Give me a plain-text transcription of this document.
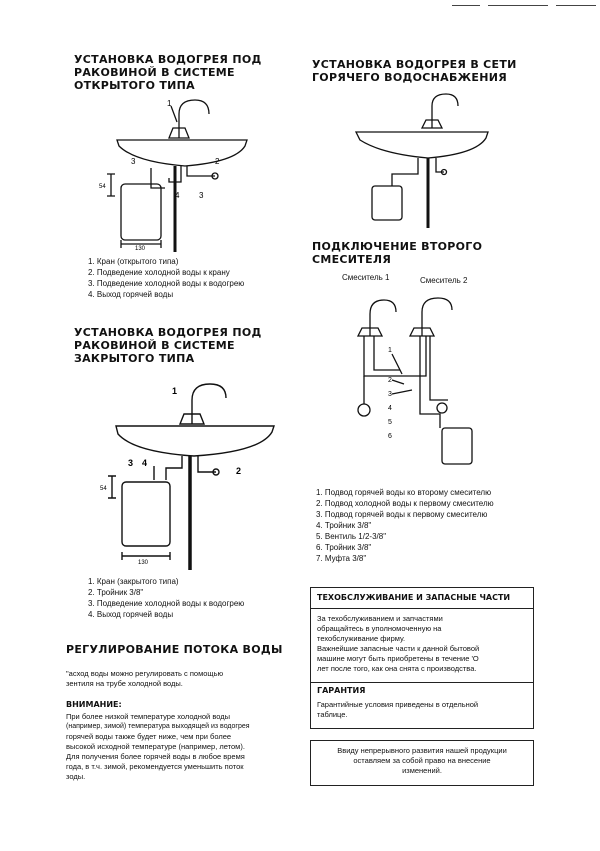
УСТАНОВКА ВОДОГРЕЯ ПОД
РАКОВИНОЙ В СИСТЕМЕ
ОТКРЫТОГО ТИПА
1
2
3
4 3
54
130
1. Кран (открытого типа)
2. Подведение холодной воды к крану
3. Подведение холодной воды к водогрею
4. Выход горячей воды
УСТАНОВКА ВОДОГРЕЯ В СЕТИ
ГОРЯЧЕГО ВОДОСНАБЖЕНИЯ
ПОДКЛЮЧЕНИЕ ВТОРОГО
СМЕСИТЕЛЯ
Смеситель 1	Смеситель 2
1
2
3
4
5
6
1. Подвод горячей воды ко второму смесителю
2. Подвод холодной воды к первому смесителю
3. Подвод горячей воды к первому смесителю
4. Тройник 3/8"
5. Вентиль 1/2-3/8"
6. Тройник 3/8"
7. Муфта 3/8"
УСТАНОВКА ВОДОГРЕЯ ПОД
РАКОВИНОЙ В СИСТЕМЕ
ЗАКРЫТОГО ТИПА
1
2
3 4
54
130
1. Кран (закрытого типа)
2. Тройник 3/8"
3. Подведение холодной воды к водогрею
4. Выход горячей воды
РЕГУЛИРОВАНИЕ ПОТОКА ВОДЫ
"асход воды можно регулировать с помощью
зентиля на трубе холодной воды.
ВНИМАНИЕ:
При более низкой температуре холодной воды
(например, зимой) температура выходящей из водогрея
горячей воды также будет ниже, чем при более
высокой исходной температуре (например, летом).
Для получения более горячей воды в любое время
года, в т.ч. зимой, рекомендуется уменьшить поток
зоды.
ТЕХОБСЛУЖИВАНИЕ И ЗАПАСНЫЕ ЧАСТИ
За техобслуживанием и запчастями
обращайтесь в уполномоченную на
техобслуживание фирму.
Важнейшие запасные части к данной бытовой
машине могут быть приобретены в течение 'О
лет после того, как она снята с производства.
ГАРАНТИЯ
Гарантийные условия приведены в отдельной
таблице.
Ввиду непрерывного развития нашей продукции
оставляем за собой право на внесение
изменений.
